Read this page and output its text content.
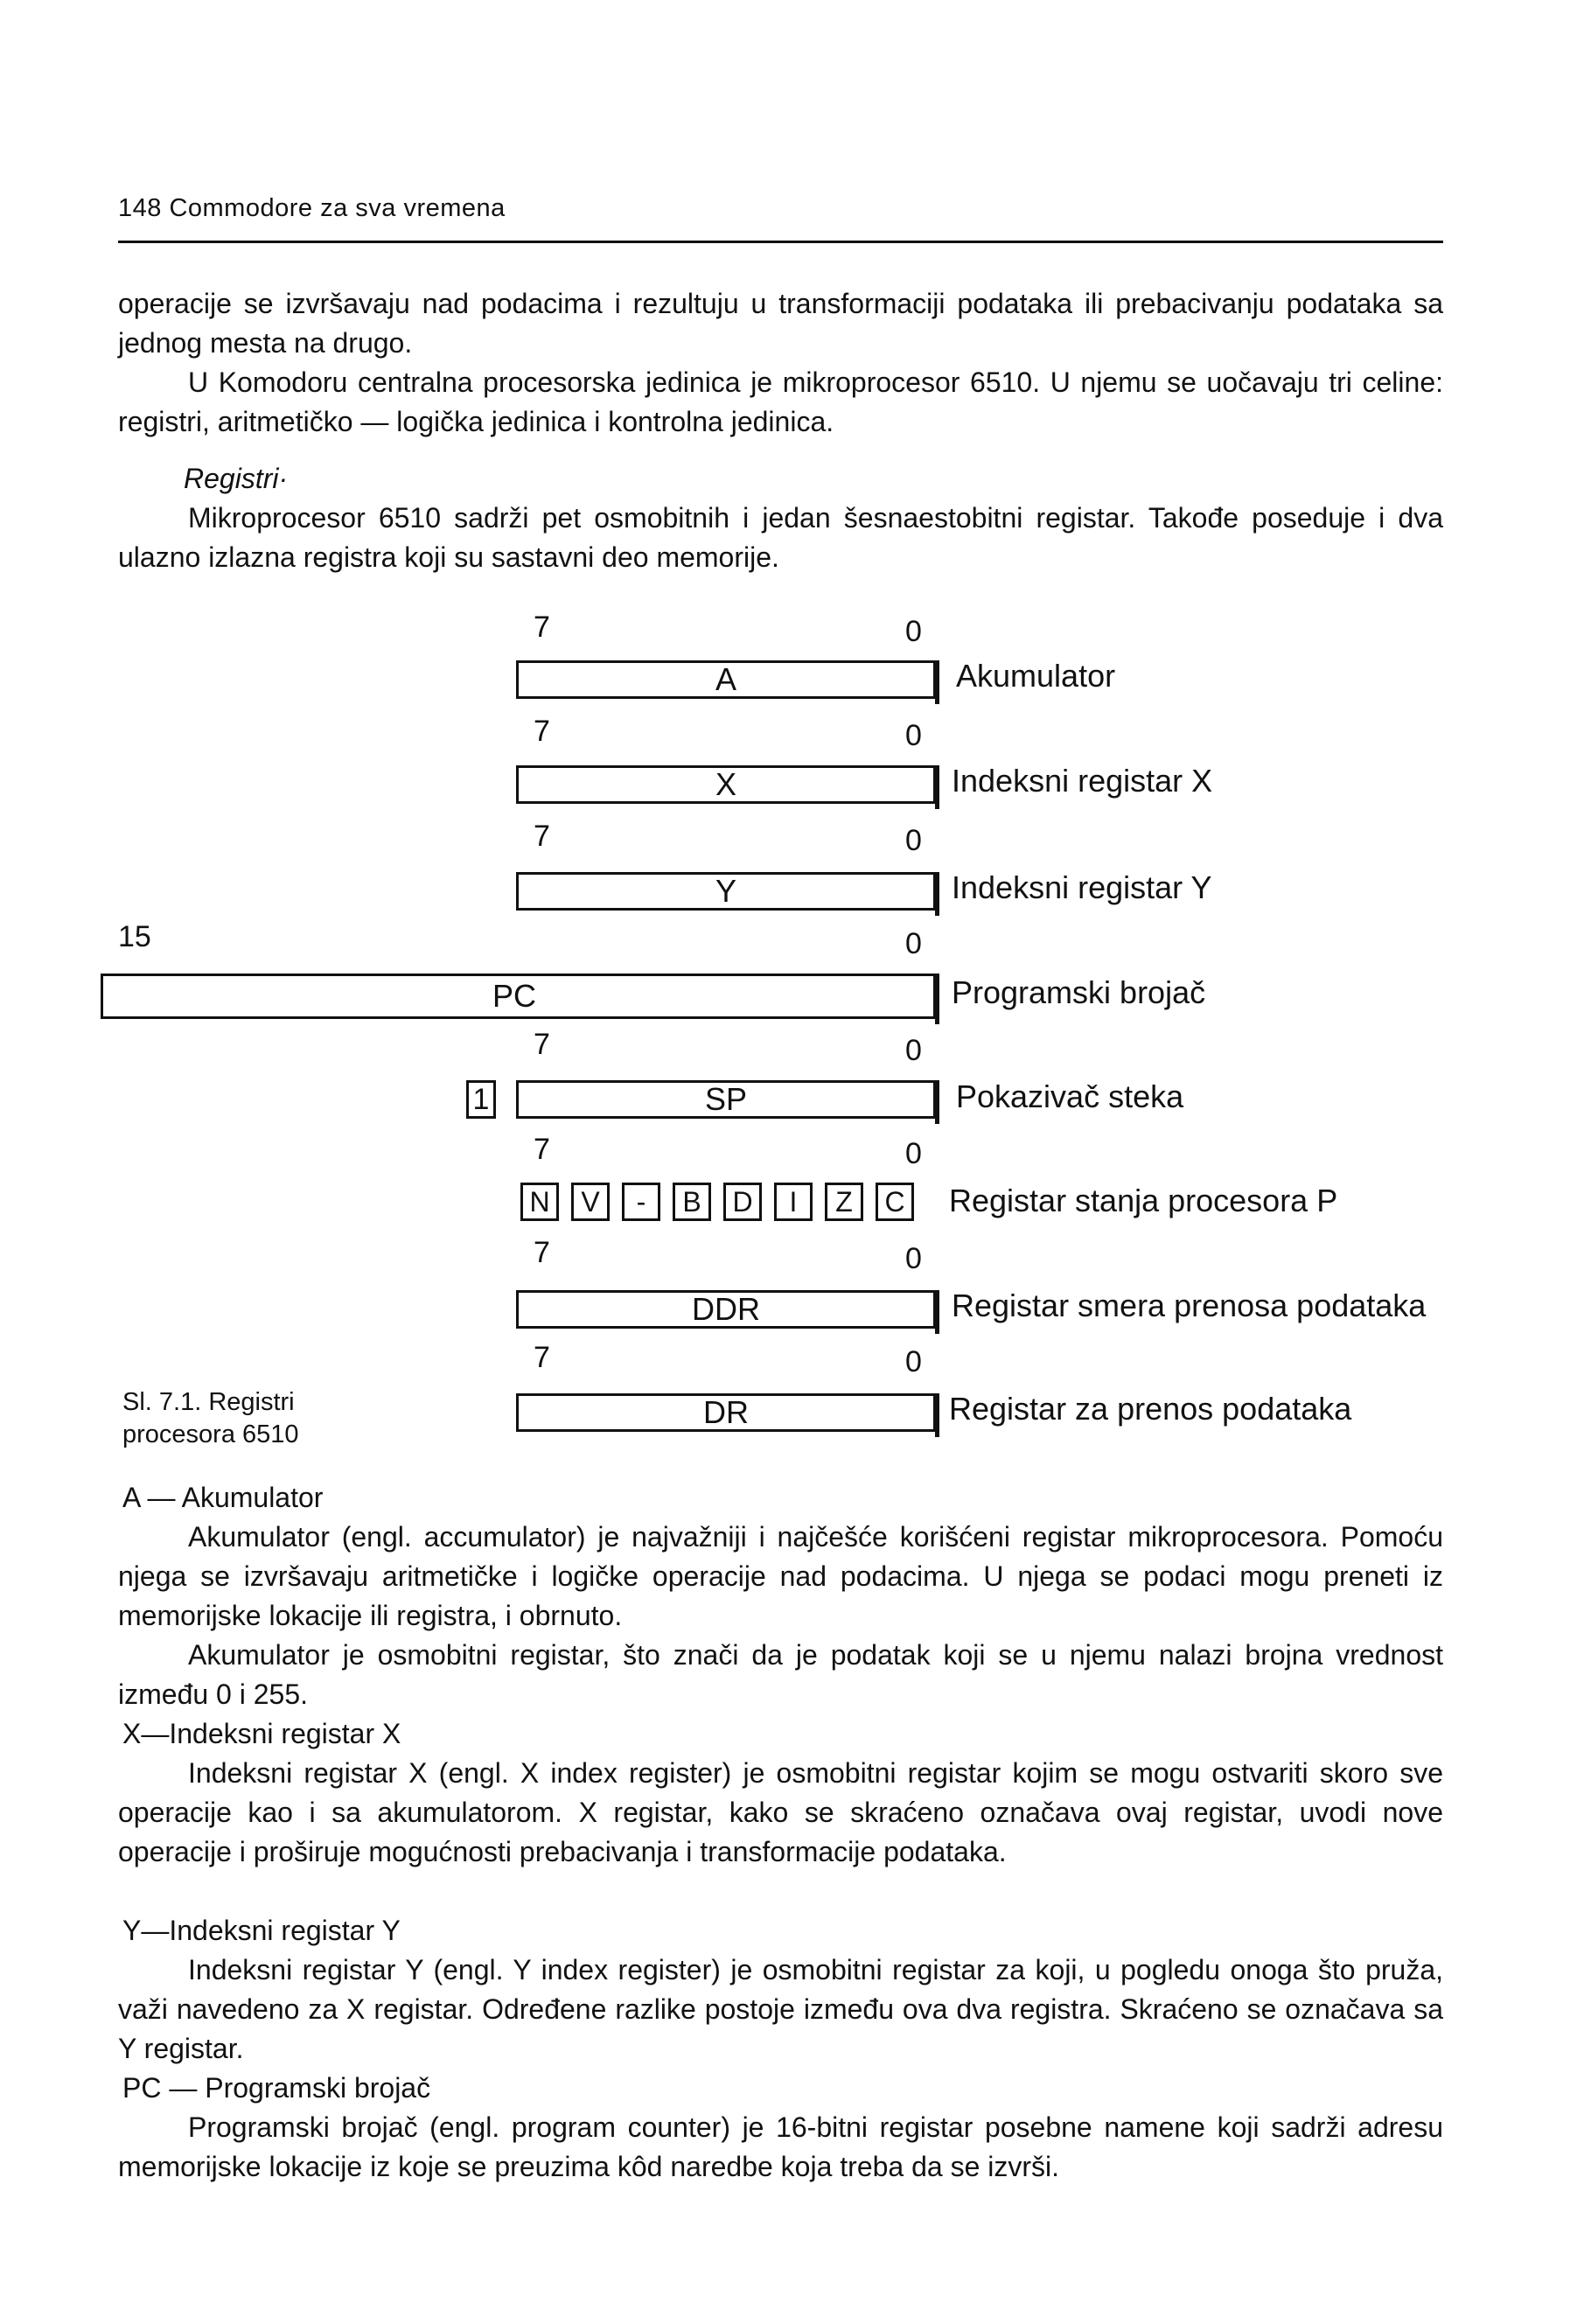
148 Commodore za sva vremena

operacije se izvršavaju nad podacima i rezultuju u transformaciji podataka ili prebacivanju podataka sa jednog mesta na drugo.

U Komodoru centralna procesorska jedinica je mikroprocesor 6510. U njemu se uočavaju tri celine: registri, aritmetičko — logička jedinica i kontrolna jedinica.

Registri·

Mikroprocesor 6510 sadrži pet osmobitnih i jedan šesnaestobitni registar. Takođe poseduje i dva ulazno izlazna registra koji su sastavni deo memorije.

7	0
A	Akumulator
7	0
X	Indeksni registar X
7	0
Y	Indeksni registar Y
15	0
PC	Programski brojač
7	0
1	SP	Pokazivač steka
7	0
N	V	-	B	D	I	Z	C Registar stanja procesora P
7	0
DDR	Registar smera prenosa podataka
7	0
DR	Registar za prenos podataka
Sl. 7.1. Registri
procesora 6510
A — Akumulator

Akumulator (engl. accumulator) je najvažniji i najčešće korišćeni registar mikroprocesora. Pomoću njega se izvršavaju aritmetičke i logičke operacije nad podacima. U njega se podaci mogu preneti iz memorijske lokacije ili registra, i obrnuto.

Akumulator je osmobitni registar, što znači da je podatak koji se u njemu nalazi brojna vrednost između 0 i 255.

X—Indeksni registar X

Indeksni registar X (engl. X index register) je osmobitni registar kojim se mogu ostvariti skoro sve operacije kao i sa akumulatorom. X registar, kako se skraćeno označava ovaj registar, uvodi nove operacije i proširuje mogućnosti prebacivanja i transformacije podataka.

Y—Indeksni registar Y

Indeksni registar Y (engl. Y index register) je osmobitni registar za koji, u pogledu onoga što pruža, važi navedeno za X registar. Određene razlike postoje između ova dva registra. Skraćeno se označava sa Y registar.

PC — Programski brojač

Programski brojač (engl. program counter) je 16-bitni registar posebne namene koji sadrži adresu memorijske lokacije iz koje se preuzima kôd naredbe koja treba da se izvrši.
